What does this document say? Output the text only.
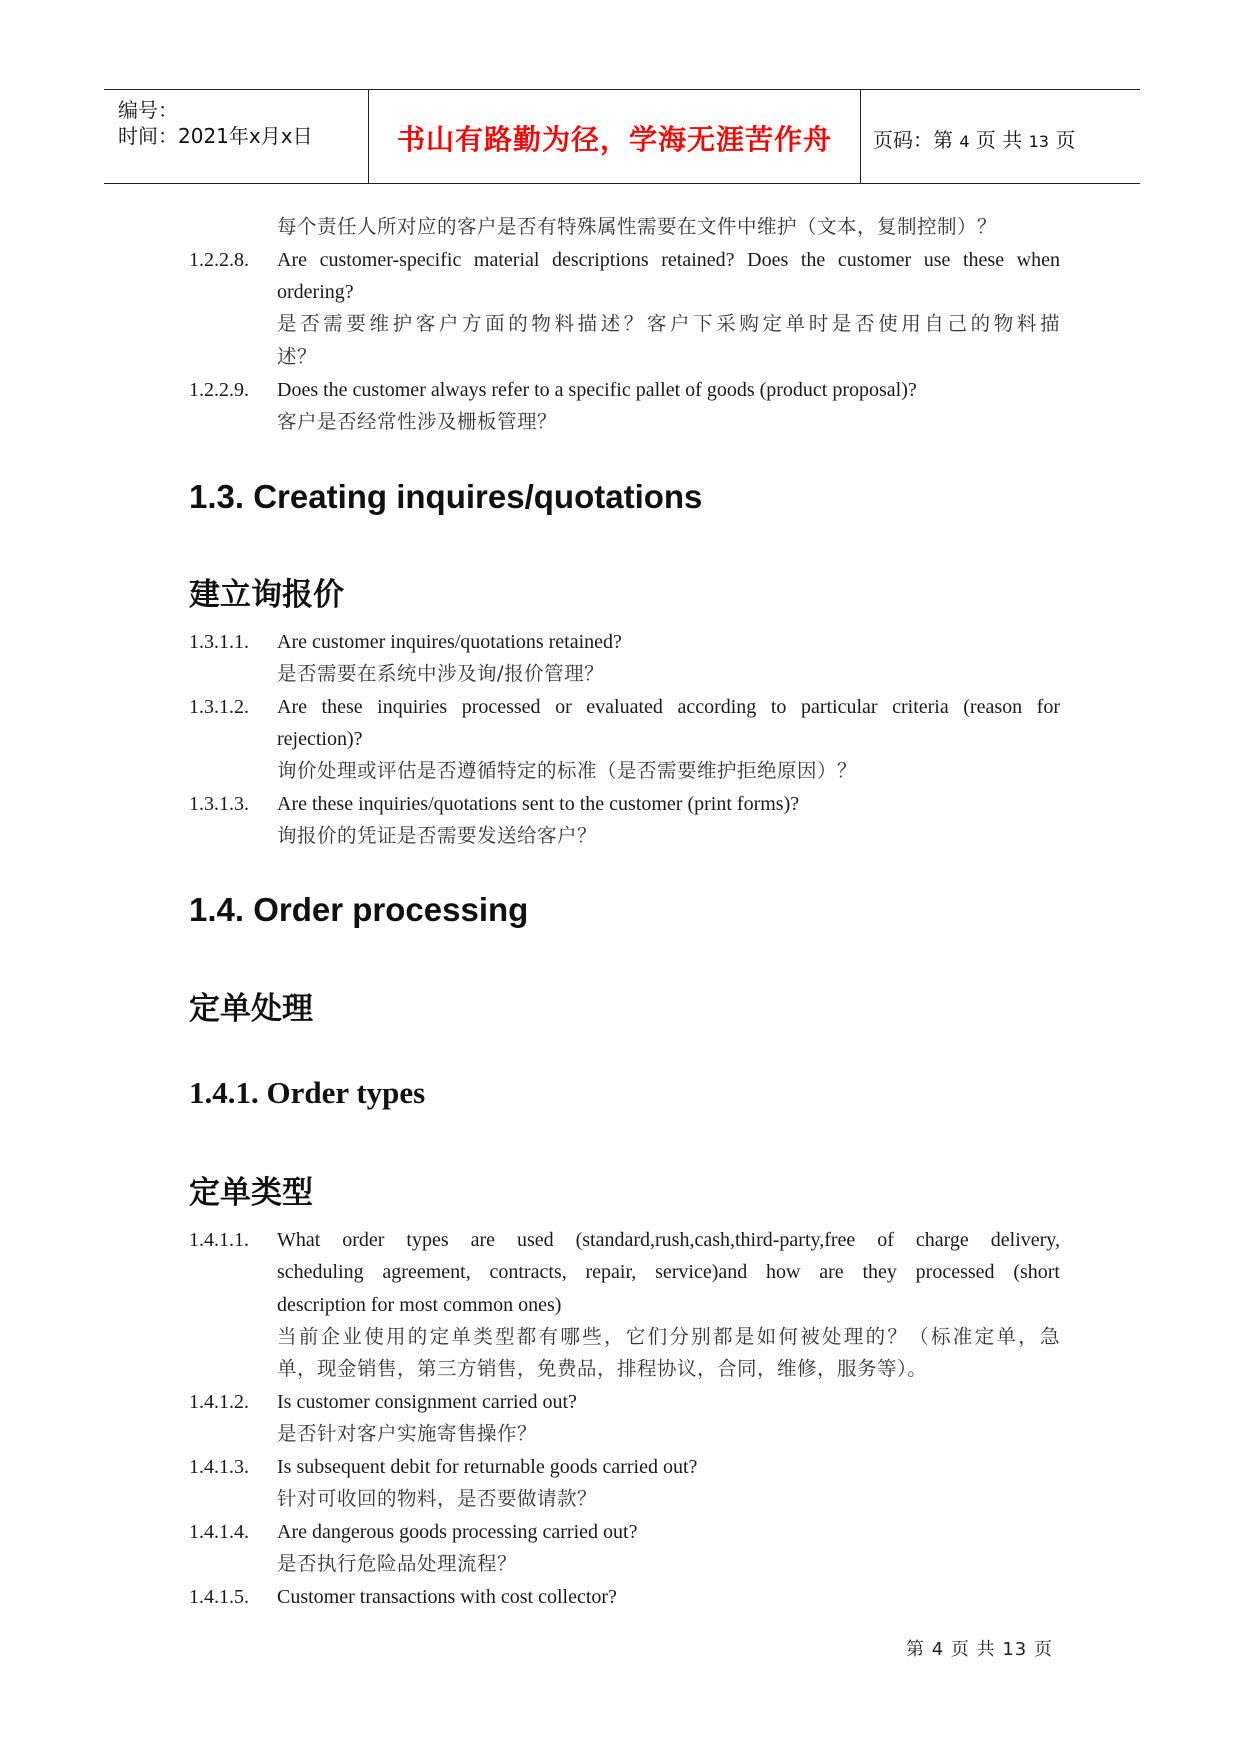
编号：
时间：2021年x月x日	书山有路勤为径，学海无涯苦作舟	页码：第 4 页 共 13 页
每个责任人所对应的客户是否有特殊属性需要在文件中维护（文本，复制控制）？
1.2.2.8. Are customer-specific material descriptions retained? Does the customer use these when
ordering?
是否需要维护客户方面的物料描述？客户下采购定单时是否使用自己的物料描
述？
1.2.2.9. Does the customer always refer to a specific pallet of goods (product proposal)?
客户是否经常性涉及栅板管理？
1.3. Creating inquires/quotations
建立询报价
1.3.1.1. Are customer inquires/quotations retained?
是否需要在系统中涉及询/报价管理？
1.3.1.2. Are these inquiries processed or evaluated according to particular criteria (reason for
rejection)?
询价处理或评估是否遵循特定的标准（是否需要维护拒绝原因）？
1.3.1.3. Are these inquiries/quotations sent to the customer (print forms)?
询报价的凭证是否需要发送给客户？
1.4. Order processing
定单处理
1.4.1. Order types
定单类型
1.4.1.1. What order types are used (standard,rush,cash,third-party,free of charge delivery,
scheduling agreement, contracts, repair, service)and how are they processed (short
description for most common ones)
当前企业使用的定单类型都有哪些，它们分别都是如何被处理的？（标准定单，急
单，现金销售，第三方销售，免费品，排程协议，合同，维修，服务等）。
1.4.1.2. Is customer consignment carried out?
是否针对客户实施寄售操作？
1.4.1.3. Is subsequent debit for returnable goods carried out?
针对可收回的物料，是否要做请款？
1.4.1.4. Are dangerous goods processing carried out?
是否执行危险品处理流程？
1.4.1.5. Customer transactions with cost collector?
第 4 页 共 13 页
